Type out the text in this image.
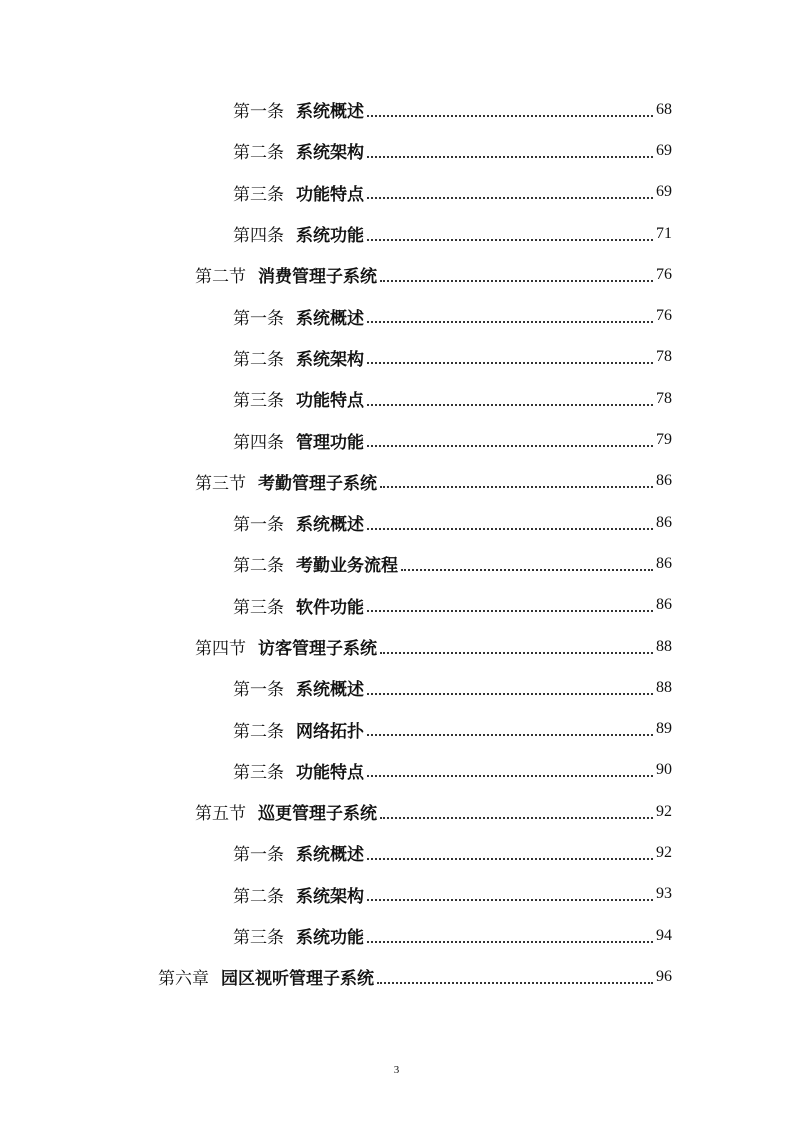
第一条 系统概述	68
第二条 系统架构	69
第三条 功能特点	69
第四条 系统功能	71
第二节 消费管理子系统	76
第一条 系统概述	76
第二条 系统架构	78
第三条 功能特点	78
第四条 管理功能	79
第三节 考勤管理子系统	86
第一条 系统概述	86
第二条 考勤业务流程	86
第三条 软件功能	86
第四节 访客管理子系统	88
第一条 系统概述	88
第二条 网络拓扑	89
第三条 功能特点	90
第五节 巡更管理子系统	92
第一条 系统概述	92
第二条 系统架构	93
第三条 系统功能	94
第六章 园区视听管理子系统	96
3
